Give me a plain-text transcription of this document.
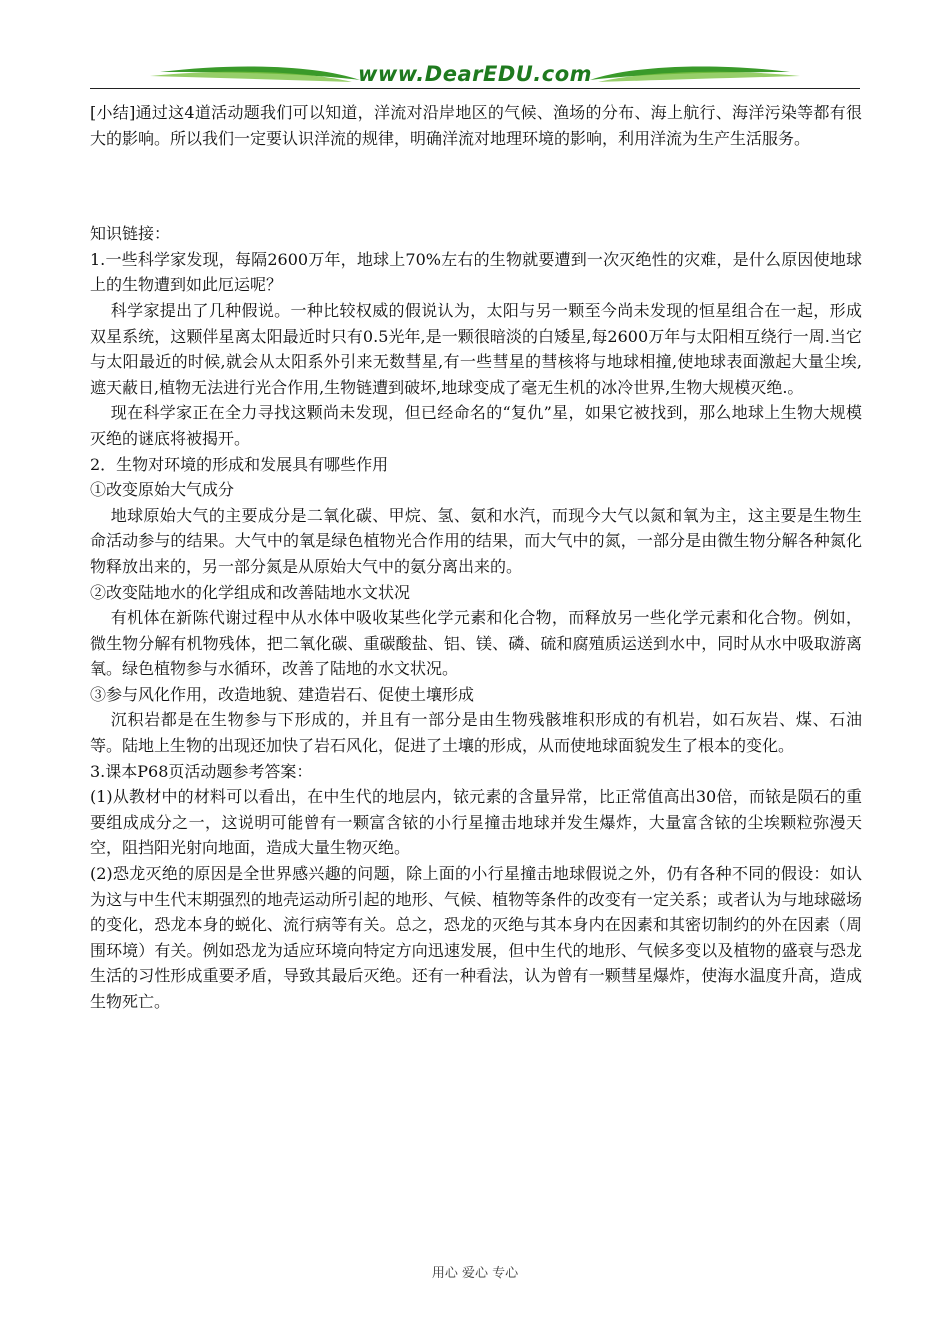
www.DearEDU.com

[小结]通过这4道活动题我们可以知道，洋流对沿岸地区的气候、渔场的分布、海上航行、海洋污染等都有很大的影响。所以我们一定要认识洋流的规律，明确洋流对地理环境的影响，利用洋流为生产生活服务。

知识链接：

1.一些科学家发现，每隔2600万年，地球上70%左右的生物就要遭到一次灭绝性的灾难，是什么原因使地球上的生物遭到如此厄运呢？

科学家提出了几种假说。一种比较权威的假说认为，太阳与另一颗至今尚未发现的恒星组合在一起，形成双星系统，这颗伴星离太阳最近时只有0.5光年,是一颗很暗淡的白矮星,每2600万年与太阳相互绕行一周.当它与太阳最近的时候,就会从太阳系外引来无数彗星,有一些彗星的彗核将与地球相撞,使地球表面激起大量尘埃,遮天蔽日,植物无法进行光合作用,生物链遭到破坏,地球变成了毫无生机的冰冷世界,生物大规模灭绝.。

现在科学家正在全力寻找这颗尚未发现，但已经命名的“复仇”星，如果它被找到，那么地球上生物大规模灭绝的谜底将被揭开。

2．生物对环境的形成和发展具有哪些作用

①改变原始大气成分

地球原始大气的主要成分是二氧化碳、甲烷、氢、氨和水汽，而现今大气以氮和氧为主，这主要是生物生命活动参与的结果。大气中的氧是绿色植物光合作用的结果，而大气中的氮，一部分是由微生物分解各种氮化物释放出来的，另一部分氮是从原始大气中的氨分离出来的。

②改变陆地水的化学组成和改善陆地水文状况

有机体在新陈代谢过程中从水体中吸收某些化学元素和化合物，而释放另一些化学元素和化合物。例如，微生物分解有机物残体，把二氧化碳、重碳酸盐、铝、镁、磷、硫和腐殖质运送到水中，同时从水中吸取游离氧。绿色植物参与水循环，改善了陆地的水文状况。

③参与风化作用，改造地貌、建造岩石、促使土壤形成

沉积岩都是在生物参与下形成的，并且有一部分是由生物残骸堆积形成的有机岩，如石灰岩、煤、石油等。陆地上生物的出现还加快了岩石风化，促进了土壤的形成，从而使地球面貌发生了根本的变化。

3.课本P68页活动题参考答案：

(1)从教材中的材料可以看出，在中生代的地层内，铱元素的含量异常，比正常值高出30倍，而铱是陨石的重要组成成分之一，这说明可能曾有一颗富含铱的小行星撞击地球并发生爆炸，大量富含铱的尘埃颗粒弥漫天空，阻挡阳光射向地面，造成大量生物灭绝。

(2)恐龙灭绝的原因是全世界感兴趣的问题，除上面的小行星撞击地球假说之外，仍有各种不同的假设：如认为这与中生代末期强烈的地壳运动所引起的地形、气候、植物等条件的改变有一定关系；或者认为与地球磁场的变化，恐龙本身的蜕化、流行病等有关。总之，恐龙的灭绝与其本身内在因素和其密切制约的外在因素（周围环境）有关。例如恐龙为适应环境向特定方向迅速发展，但中生代的地形、气候多变以及植物的盛衰与恐龙生活的习性形成重要矛盾，导致其最后灭绝。还有一种看法，认为曾有一颗彗星爆炸，使海水温度升高，造成生物死亡。

用心 爱心 专心
